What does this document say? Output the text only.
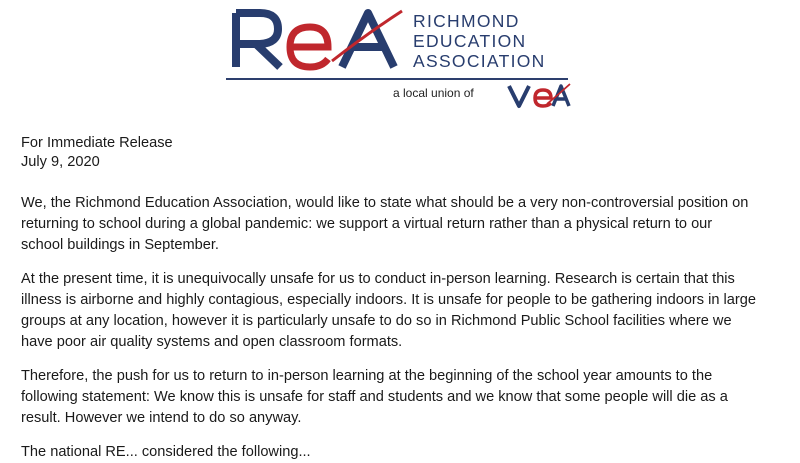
RICHMOND
EDUCATION
ASSOCIATION
a local union of
For Immediate Release
July 9, 2020
We, the Richmond Education Association, would like to state what should be a very non-controversial position on
returning to school during a global pandemic: we support a virtual return rather than a physical return to our
school buildings in September.
At the present time, it is unequivocally unsafe for us to conduct in-person learning. Research is certain that this
illness is airborne and highly contagious, especially indoors. It is unsafe for people to be gathering indoors in large
groups at any location, however it is particularly unsafe to do so in Richmond Public School facilities where we
have poor air quality systems and open classroom formats.
Therefore, the push for us to return to in-person learning at the beginning of the school year amounts to the
following statement: We know this is unsafe for staff and students and we know that some people will die as a
result. However we intend to do so anyway.
The national RE... considered the following...
